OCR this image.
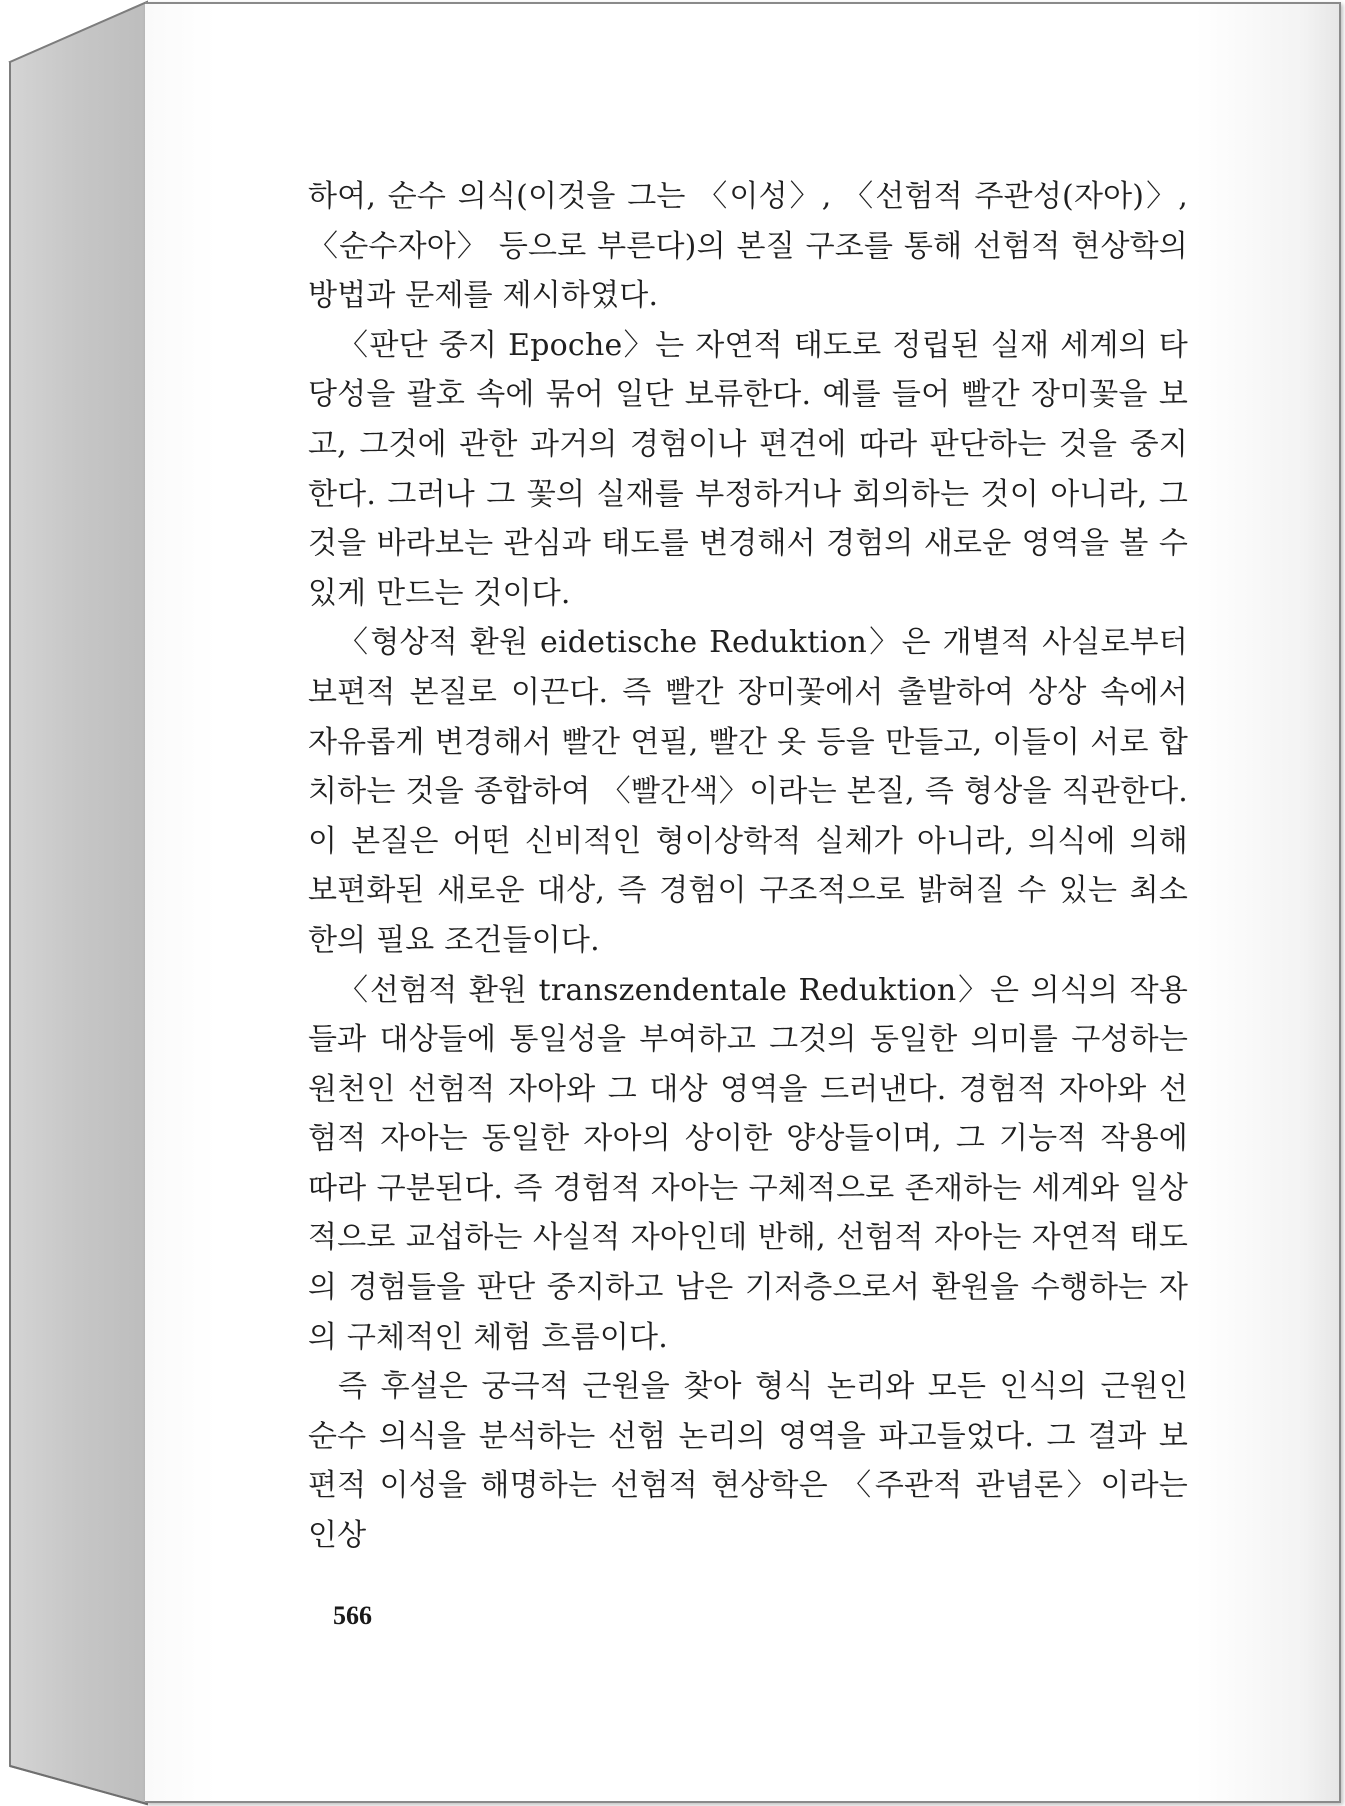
하여, 순수 의식(이것을 그는 〈이성〉, 〈선험적 주관성(자아)〉, 〈순수자아〉 등으로 부른다)의 본질 구조를 통해 선험적 현상학의 방법과 문제를 제시하였다.

〈판단 중지 Epoche〉는 자연적 태도로 정립된 실재 세계의 타당성을 괄호 속에 묶어 일단 보류한다. 예를 들어 빨간 장미꽃을 보고, 그것에 관한 과거의 경험이나 편견에 따라 판단하는 것을 중지한다. 그러나 그 꽃의 실재를 부정하거나 회의하는 것이 아니라, 그것을 바라보는 관심과 태도를 변경해서 경험의 새로운 영역을 볼 수 있게 만드는 것이다.

〈형상적 환원 eidetische Reduktion〉은 개별적 사실로부터 보편적 본질로 이끈다. 즉 빨간 장미꽃에서 출발하여 상상 속에서 자유롭게 변경해서 빨간 연필, 빨간 옷 등을 만들고, 이들이 서로 합치하는 것을 종합하여 〈빨간색〉이라는 본질, 즉 형상을 직관한다. 이 본질은 어떤 신비적인 형이상학적 실체가 아니라, 의식에 의해 보편화된 새로운 대상, 즉 경험이 구조적으로 밝혀질 수 있는 최소한의 필요 조건들이다.

〈선험적 환원 transzendentale Reduktion〉은 의식의 작용들과 대상들에 통일성을 부여하고 그것의 동일한 의미를 구성하는 원천인 선험적 자아와 그 대상 영역을 드러낸다. 경험적 자아와 선험적 자아는 동일한 자아의 상이한 양상들이며, 그 기능적 작용에 따라 구분된다. 즉 경험적 자아는 구체적으로 존재하는 세계와 일상적으로 교섭하는 사실적 자아인데 반해, 선험적 자아는 자연적 태도의 경험들을 판단 중지하고 남은 기저층으로서 환원을 수행하는 자의 구체적인 체험 흐름이다.

즉 후설은 궁극적 근원을 찾아 형식 논리와 모든 인식의 근원인 순수 의식을 분석하는 선험 논리의 영역을 파고들었다. 그 결과 보편적 이성을 해명하는 선험적 현상학은 〈주관적 관념론〉이라는 인상

566
